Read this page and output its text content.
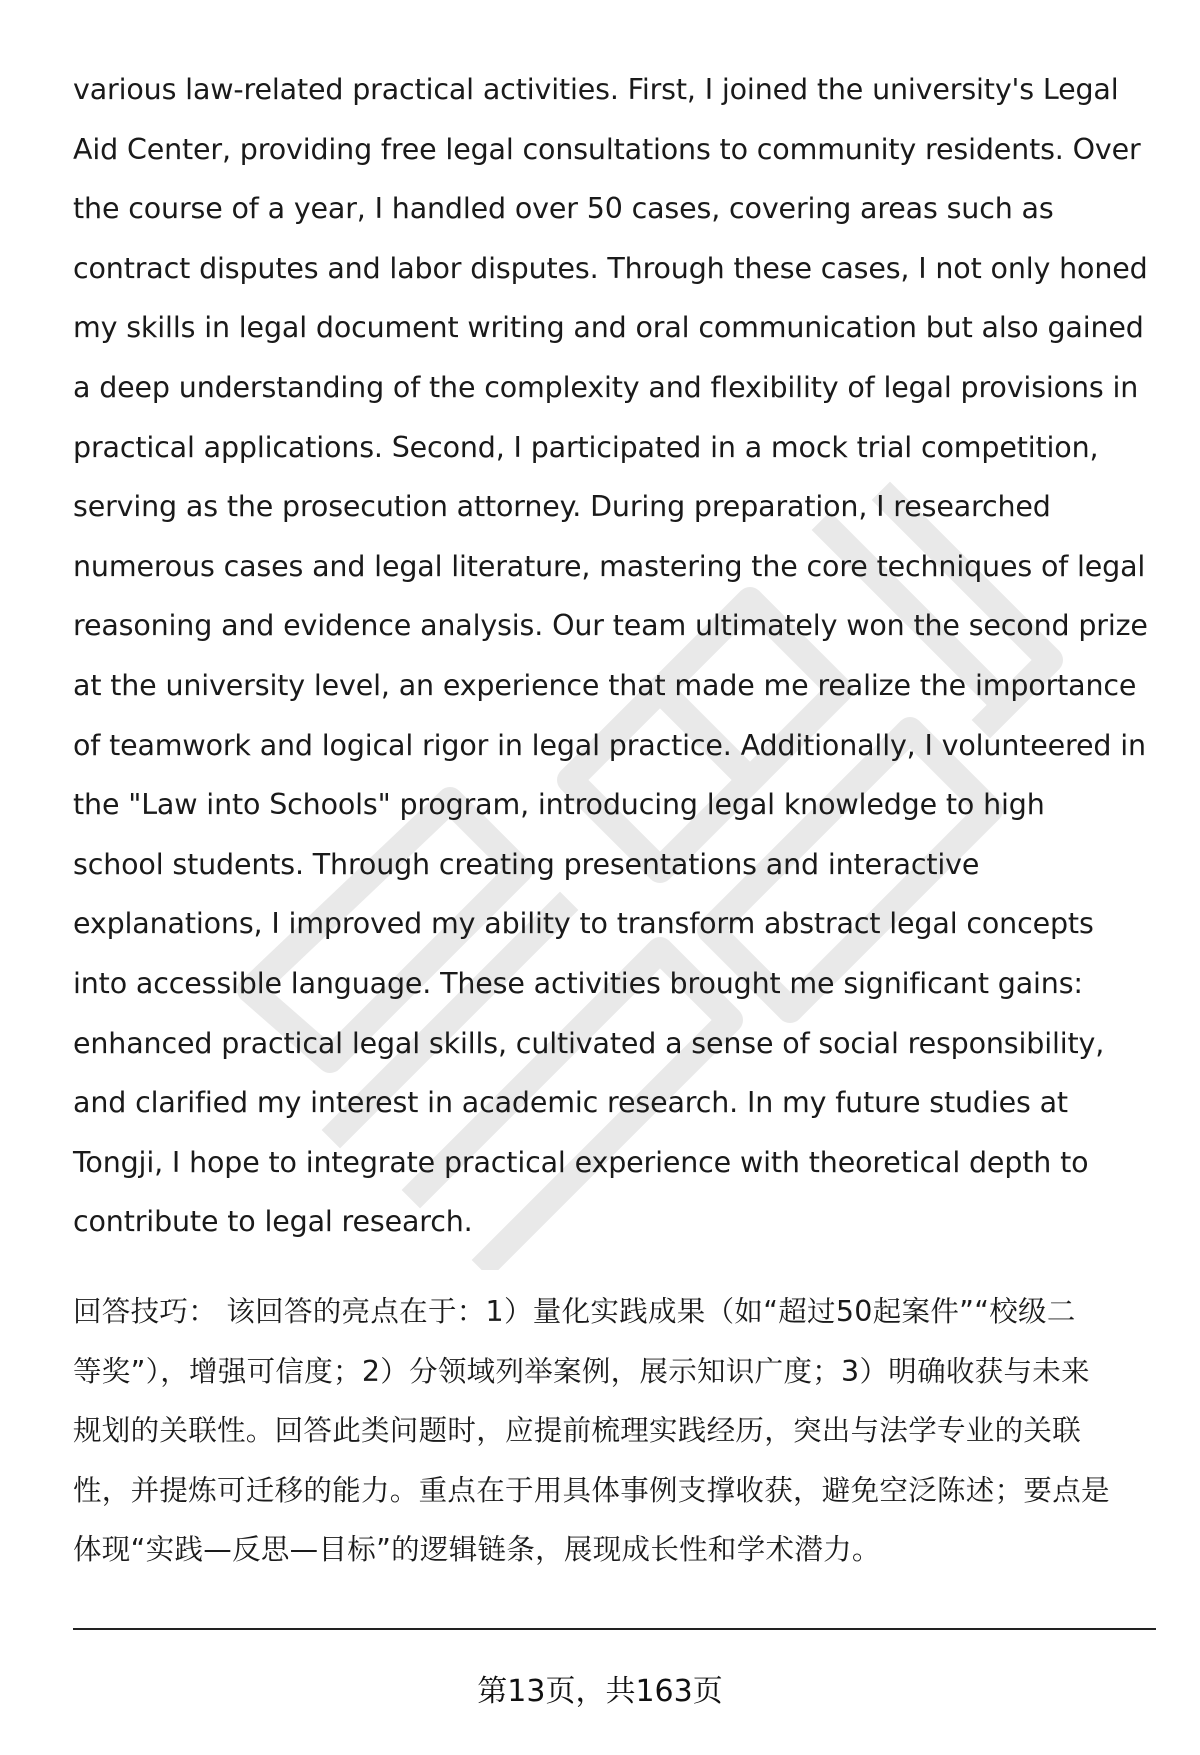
various law-related practical activities. First, I joined the university's Legal
Aid Center, providing free legal consultations to community residents. Over
the course of a year, I handled over 50 cases, covering areas such as
contract disputes and labor disputes. Through these cases, I not only honed
my skills in legal document writing and oral communication but also gained
a deep understanding of the complexity and flexibility of legal provisions in
practical applications. Second, I participated in a mock trial competition,
serving as the prosecution attorney. During preparation, I researched
numerous cases and legal literature, mastering the core techniques of legal
reasoning and evidence analysis. Our team ultimately won the second prize
at the university level, an experience that made me realize the importance
of teamwork and logical rigor in legal practice. Additionally, I volunteered in
the "Law into Schools" program, introducing legal knowledge to high
school students. Through creating presentations and interactive
explanations, I improved my ability to transform abstract legal concepts
into accessible language. These activities brought me significant gains:
enhanced practical legal skills, cultivated a sense of social responsibility,
and clarified my interest in academic research. In my future studies at
Tongji, I hope to integrate practical experience with theoretical depth to
contribute to legal research.
回答技巧： 该回答的亮点在于：1）量化实践成果（如“超过50起案件”“校级二
等奖”），增强可信度；2）分领域列举案例，展示知识广度；3）明确收获与未来
规划的关联性。回答此类问题时，应提前梳理实践经历，突出与法学专业的关联
性，并提炼可迁移的能力。重点在于用具体事例支撑收获，避免空泛陈述；要点是
体现“实践—反思—目标”的逻辑链条，展现成长性和学术潜力。
第13页，共163页
